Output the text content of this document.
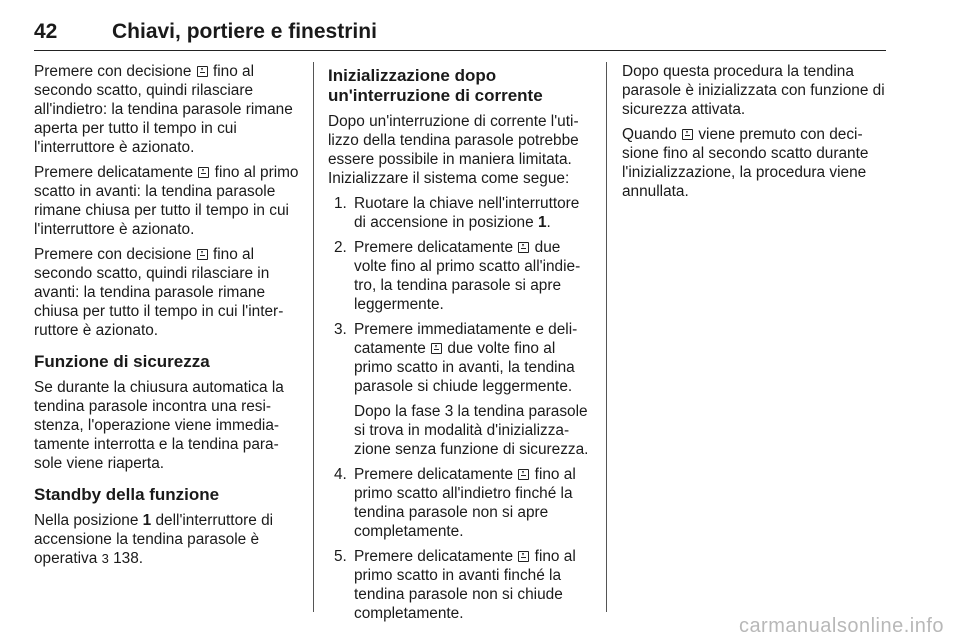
42	Chiavi, portiere e finestrini

Premere con decisione  fino al secondo scatto, quindi rilasciare all'indietro: la tendina parasole rimane aperta per tutto il tempo in cui l'interruttore è azionato.

Premere delicatamente  fino al primo scatto in avanti: la tendina parasole rimane chiusa per tutto il tempo in cui l'interruttore è azionato.

Premere con decisione  fino al secondo scatto, quindi rilasciare in avanti: la tendina parasole rimane chiusa per tutto il tempo in cui l'interruttore è azionato.

Funzione di sicurezza

Se durante la chiusura automatica la tendina parasole incontra una resistenza, l'operazione viene immediatamente interrotta e la tendina parasole viene riaperta.

Standby della funzione

Nella posizione 1 dell'interruttore di accensione la tendina parasole è operativa 3 138.

Inizializzazione dopo un'interruzione di corrente

Dopo un'interruzione di corrente l'utilizzo della tendina parasole potrebbe essere possibile in maniera limitata. Inizializzare il sistema come segue:

1. Ruotare la chiave nell'interruttore di accensione in posizione 1.
2. Premere delicatamente  due volte fino al primo scatto all'indietro, la tendina parasole si apre leggermente.
3. Premere immediatamente e delicatamente  due volte fino al primo scatto in avanti, la tendina parasole si chiude leggermente.

Dopo la fase 3 la tendina parasole si trova in modalità d'inizializzazione senza funzione di sicurezza.

4. Premere delicatamente  fino al primo scatto all'indietro finché la tendina parasole non si apre completamente.
5. Premere delicatamente  fino al primo scatto in avanti finché la tendina parasole non si chiude completamente.

Dopo questa procedura la tendina parasole è inizializzata con funzione di sicurezza attivata.

Quando  viene premuto con decisione fino al secondo scatto durante l'inizializzazione, la procedura viene annullata.

carmanualsonline.info
